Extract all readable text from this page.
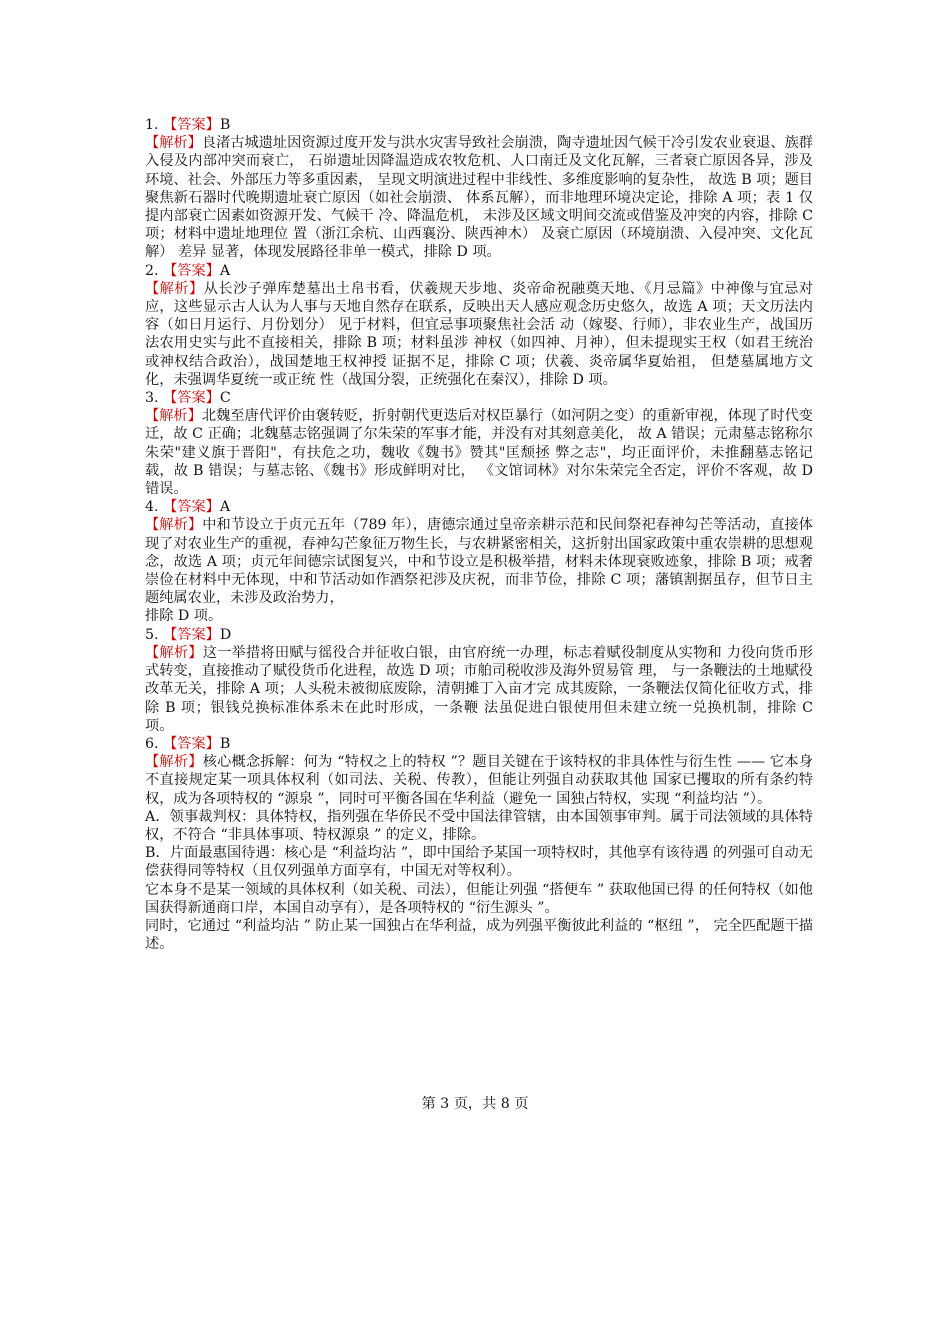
1. 【答案】B

【解析】良渚古城遗址因资源过度开发与洪水灾害导致社会崩溃，陶寺遗址因气候干冷引发农业衰退、族群入侵及内部冲突而衰亡， 石峁遗址因降温造成农牧危机、人口南迁及文化瓦解，三者衰亡原因各异，涉及环境、社会、外部压力等多重因素， 呈现文明演进过程中非线性、多维度影响的复杂性， 故选 B 项；题目聚焦新石器时代晚期遗址衰亡原因（如社会崩溃、 体系瓦解），而非地理环境决定论，排除 A 项；表 1 仅提内部衰亡因素如资源开发、气候干 冷、降温危机， 未涉及区域文明间交流或借鉴及冲突的内容，排除 C 项；材料中遗址地理位 置（浙江余杭、山西襄汾、陕西神木） 及衰亡原因（环境崩溃、入侵冲突、文化瓦解） 差异 显著，体现发展路径非单一模式，排除 D 项。

2. 【答案】A

【解析】从长沙子弹库楚墓出土帛书看，伏羲规天步地、炎帝命祝融奠天地、《月忌篇》中神像与宜忌对应，这些显示古人认为人事与天地自然存在联系，反映出天人感应观念历史悠久，故选 A 项；天文历法内容（如日月运行、月份划分） 见于材料，但宜忌事项聚焦社会活 动（嫁娶、行师），非农业生产，战国历法农用史实与此不直接相关，排除 B 项；材料虽涉 神权（如四神、月神），但未提现实王权（如君王统治或神权结合政治），战国楚地王权神授 证据不足，排除 C 项；伏羲、炎帝属华夏始祖， 但楚墓属地方文化，未强调华夏统一或正统 性（战国分裂，正统强化在秦汉），排除 D 项。

3. 【答案】C

【解析】北魏至唐代评价由褒转贬，折射朝代更迭后对权臣暴行（如河阴之变）的重新审视，体现了时代变迁，故 C 正确；北魏墓志铭强调了尔朱荣的军事才能，并没有对其刻意美化， 故 A 错误；元肃墓志铭称尔朱荣"建义旗于晋阳"，有扶危之功，魏收《魏书》赞其"匡颓拯 弊之志"，均正面评价，未推翻墓志铭记载，故 B 错误；与墓志铭、《魏书》形成鲜明对比， 《文馆词林》对尔朱荣完全否定，评价不客观，故 D 错误。

4. 【答案】A

【解析】中和节设立于贞元五年（789 年），唐德宗通过皇帝亲耕示范和民间祭祀春神勾芒等活动，直接体现了对农业生产的重视，春神勾芒象征万物生长，与农耕紧密相关，这折射出国家政策中重农崇耕的思想观念，故选 A 项；贞元年间德宗试图复兴，中和节设立是积极举措，材料未体现衰败迹象，排除 B 项；戒奢崇俭在材料中无体现，中和节活动如作酒祭祀涉及庆祝，而非节俭，排除 C 项；藩镇割据虽存，但节日主题纯属农业，未涉及政治势力，

排除 D 项。

5. 【答案】D

【解析】这一举措将田赋与徭役合并征收白银，由官府统一办理，标志着赋役制度从实物和 力役向货币形式转变，直接推动了赋役货币化进程，故选 D 项；市舶司税收涉及海外贸易管 理， 与一条鞭法的土地赋役改革无关，排除 A 项；人头税未被彻底废除，清朝摊丁入亩才完 成其废除，一条鞭法仅简化征收方式，排除 B 项；银钱兑换标准体系未在此时形成，一条鞭 法虽促进白银使用但未建立统一兑换机制，排除 C 项。

6. 【答案】B

【解析】核心概念拆解：何为 “特权之上的特权 ”？题目关键在于该特权的非具体性与衍生性 —— 它本身不直接规定某一项具体权利（如司法、关税、传教），但能让列强自动获取其他 国家已攫取的所有条约特权，成为各项特权的 “源泉 ”，同时可平衡各国在华利益（避免一 国独占特权，实现 “利益均沾 ”）。

A．领事裁判权：具体特权，指列强在华侨民不受中国法律管辖，由本国领事审判。属于司法领域的具体特权，不符合 “非具体事项、特权源泉 ” 的定义，排除。

B．片面最惠国待遇：核心是 “利益均沾 ”，即中国给予某国一项特权时，其他享有该待遇 的列强可自动无偿获得同等特权（且仅列强单方面享有，中国无对等权利）。

它本身不是某一领域的具体权利（如关税、司法），但能让列强 “搭便车 ” 获取他国已得 的任何特权（如他国获得新通商口岸，本国自动享有），是各项特权的 “衍生源头 ”。

同时，它通过 “利益均沾 ” 防止某一国独占在华利益，成为列强平衡彼此利益的 “枢纽 ”， 完全匹配题干描述。

第 3 页，共 8 页
